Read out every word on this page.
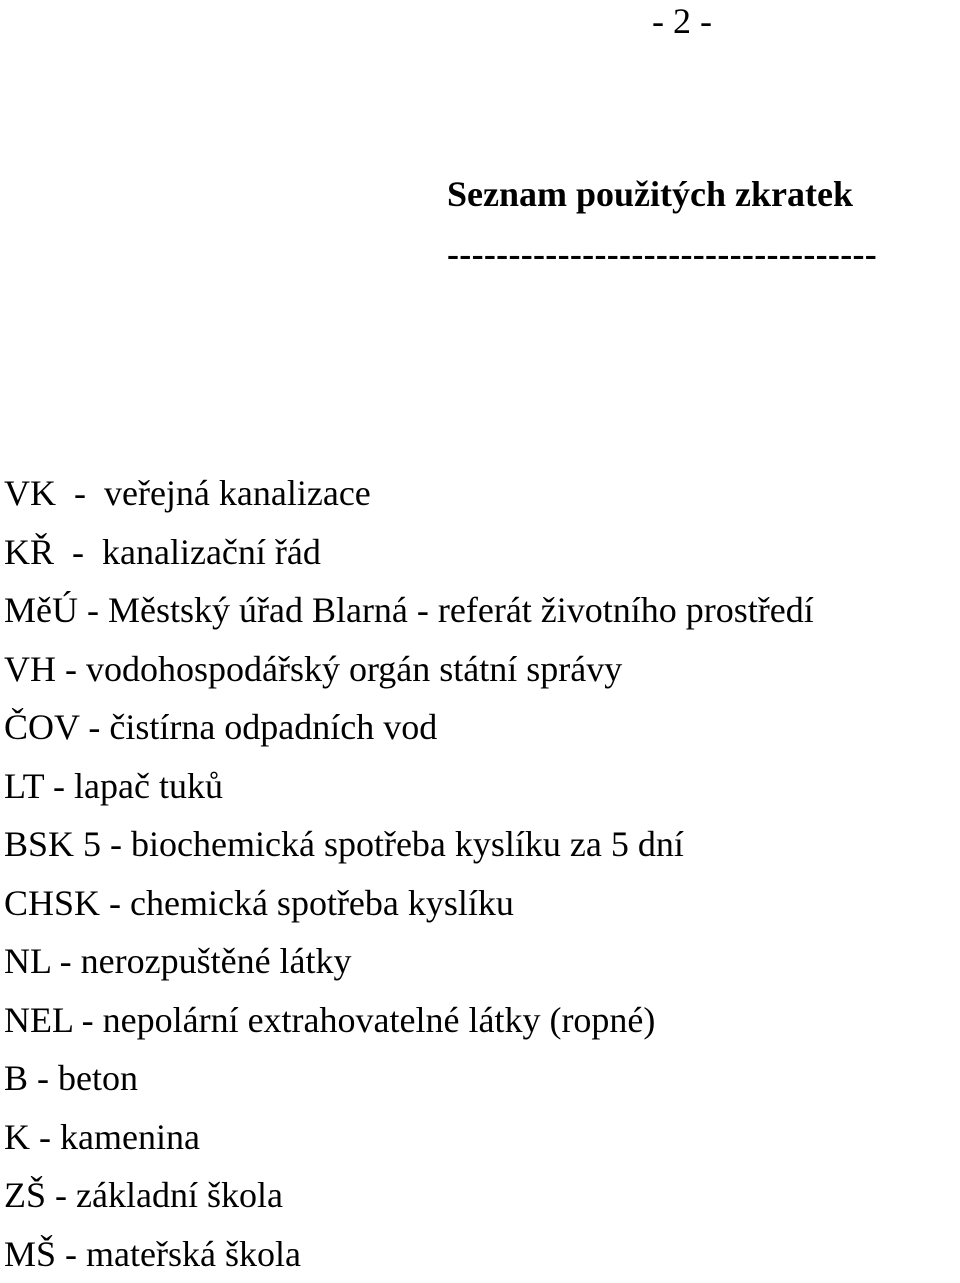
- 2 -
Seznam použitých zkratek
-----------------------------------
VK  -  veřejná kanalizace
KŘ  -  kanalizační řád
MěÚ - Městský úřad Blarná - referát životního prostředí
VH - vodohospodářský orgán státní správy
ČOV - čistírna odpadních vod
LT - lapač tuků
BSK 5 - biochemická spotřeba kyslíku za 5 dní
CHSK - chemická spotřeba kyslíku
NL - nerozpuštěné látky
NEL - nepolární extrahovatelné látky (ropné)
B - beton
K - kamenina
ZŠ - základní škola
MŠ - mateřská škola
